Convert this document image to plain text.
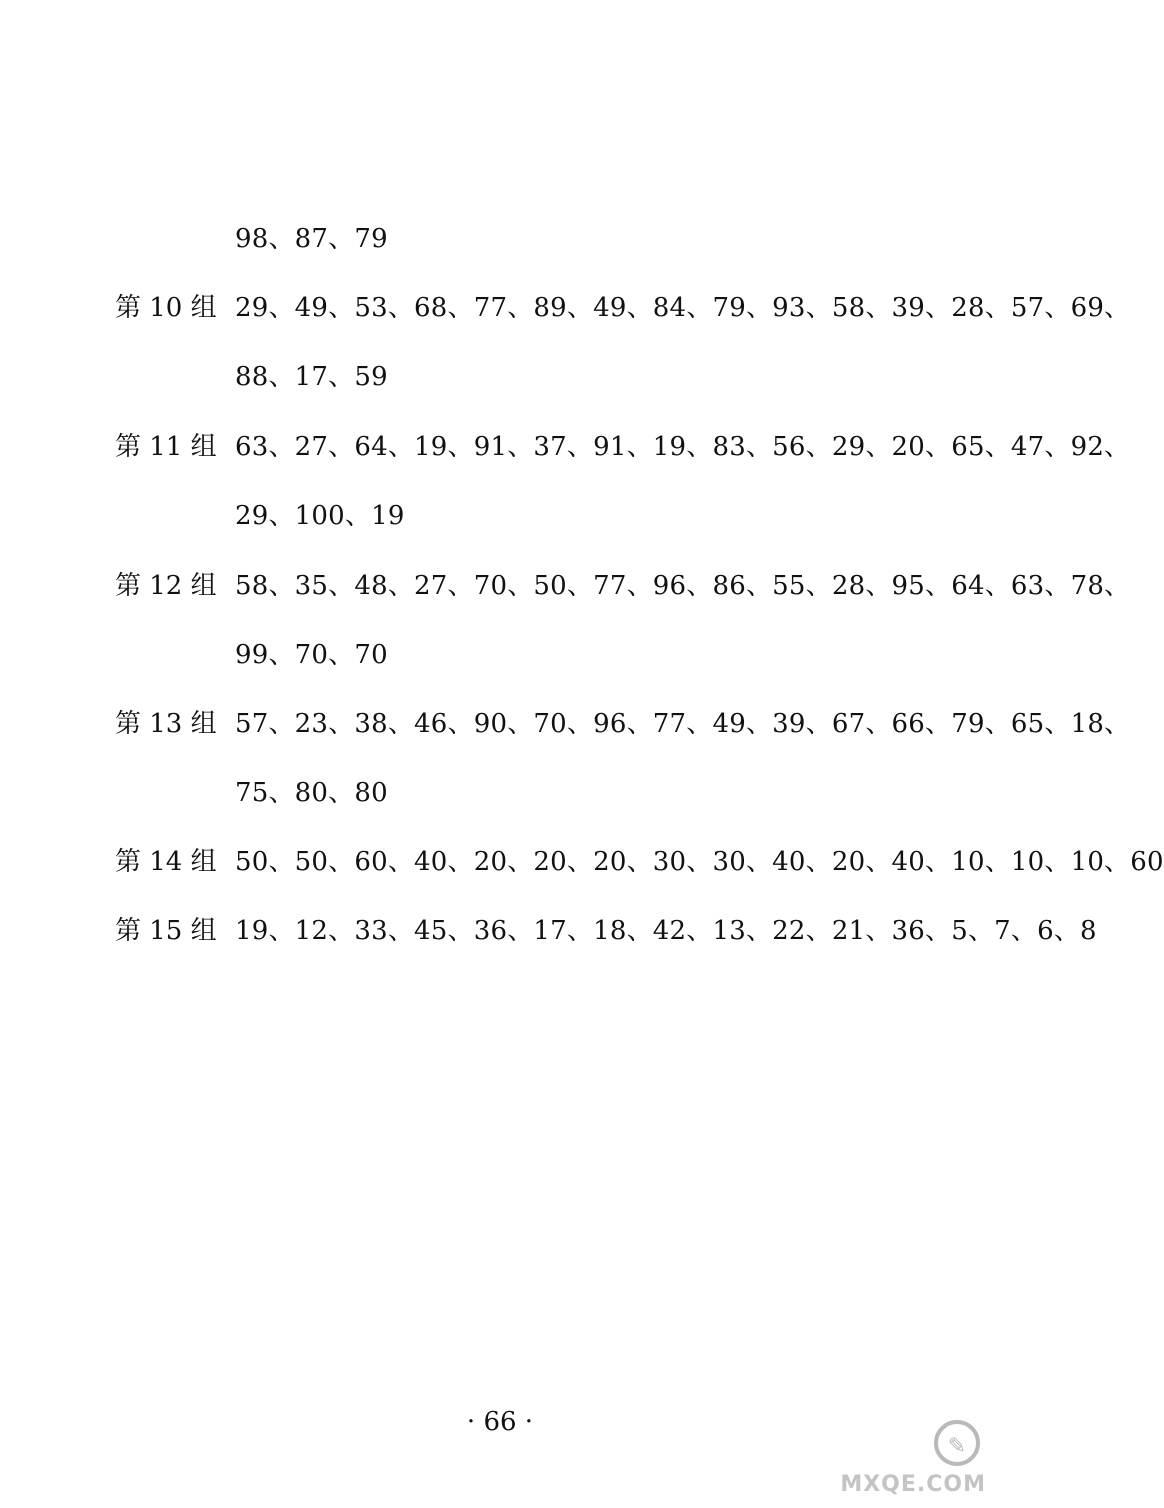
98、87、79
第 10 组 29、49、53、68、77、89、49、84、79、93、58、39、28、57、69、
88、17、59
第 11 组 63、27、64、19、91、37、91、19、83、56、29、20、65、47、92、
29、100、19
第 12 组 58、35、48、27、70、50、77、96、86、55、28、95、64、63、78、
99、70、70
第 13 组 57、23、38、46、90、70、96、77、49、39、67、66、79、65、18、
75、80、80
第 14 组 50、50、60、40、20、20、20、30、30、40、20、40、10、10、10、60
第 15 组 19、12、33、45、36、17、18、42、13、22、21、36、5、7、6、8
· 66 ·
✎
MXQE.COM
